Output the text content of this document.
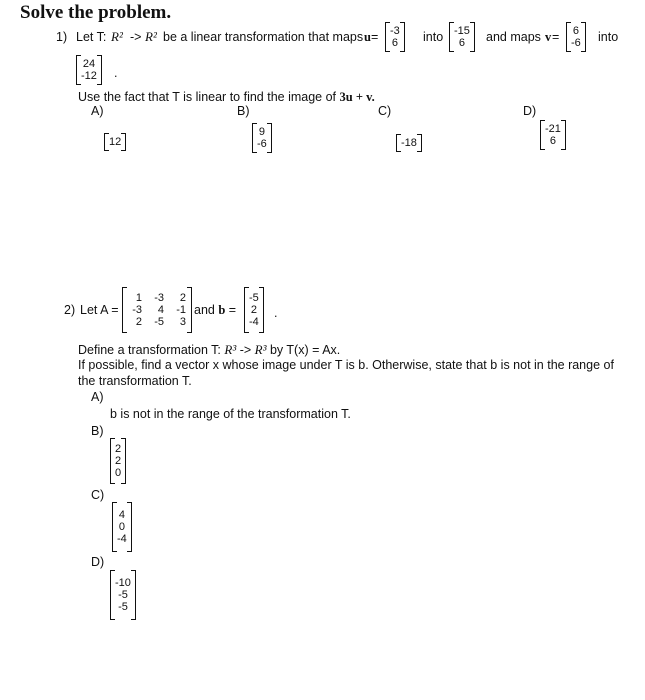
Solve the problem.
1) Let T: R² -> R² be a linear transformation that maps u = -3
6 into -15
6	and maps v = 6
-6 into
24
-12 .
Use the fact that T is linear to find the image of 3u + v.
A)
12
B)
9
-6
C)
-18
D)
-21
6
2) Let A =
1	-3	2
-3	4	-1
2	-5	3
and b =
-5
2
-4
.
Define a transformation T: R³ -> R³ by T(x) = Ax.
If possible, find a vector x whose image under T is b. Otherwise, state that b is not in the range of
the transformation T.
A)
b is not in the range of the transformation T.
B)
2
2
0
C)
4
0
-4
D)
-10
-5
-5
